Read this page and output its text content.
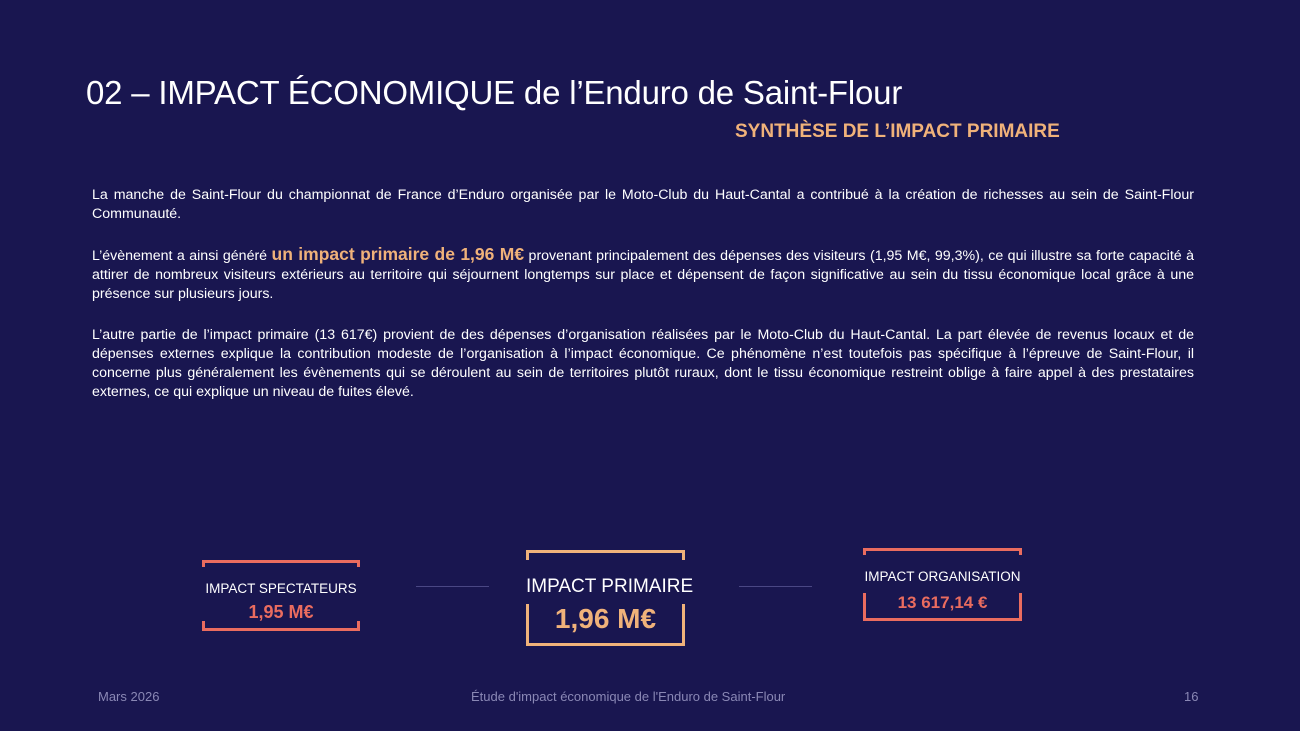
02 – IMPACT ÉCONOMIQUE de l’Enduro de Saint-Flour
SYNTHÈSE DE L’IMPACT PRIMAIRE

La manche de Saint-Flour du championnat de France d’Enduro organisée par le Moto-Club du Haut-Cantal a contribué à la création de richesses au sein de Saint-Flour Communauté.

L’évènement a ainsi généré un impact primaire de 1,96 M€ provenant principalement des dépenses des visiteurs (1,95 M€, 99,3%), ce qui illustre sa forte capacité à attirer de nombreux visiteurs extérieurs au territoire qui séjournent longtemps sur place et dépensent de façon significative au sein du tissu économique local grâce à une présence sur plusieurs jours.

L’autre partie de l’impact primaire (13 617€) provient de des dépenses d’organisation réalisées par le Moto-Club du Haut-Cantal. La part élevée de revenus locaux et de dépenses externes explique la contribution modeste de l’organisation à l’impact économique. Ce phénomène n’est toutefois pas spécifique à l’épreuve de Saint-Flour, il concerne plus généralement les évènements qui se déroulent au sein de territoires plutôt ruraux, dont le tissu économique restreint oblige à faire appel à des prestataires externes, ce qui explique un niveau de fuites élevé.

IMPACT SPECTATEURS
1,95 M€
IMPACT PRIMAIRE
1,96 M€
IMPACT ORGANISATION
13 617,14 €
Mars 2026	Étude d'impact économique de l'Enduro de Saint-Flour	16
